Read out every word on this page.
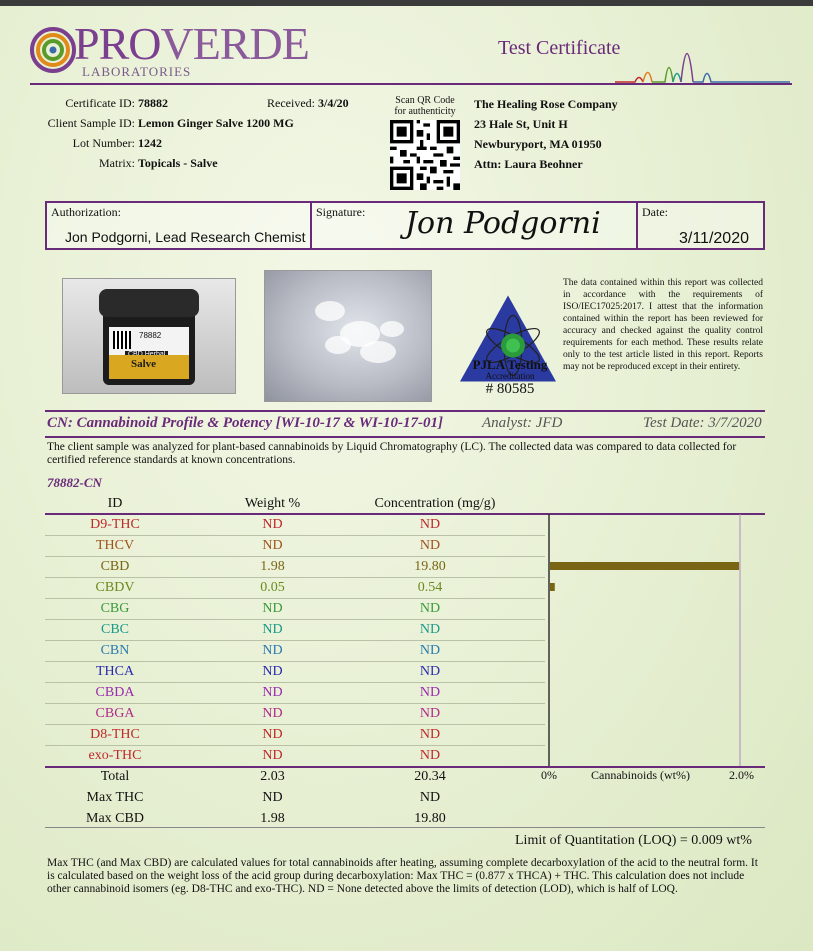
PROVERDE
LABORATORIES
Test Certificate
Certificate ID: 78882	Received: 3/4/20
Client Sample ID: Lemon Ginger Salve 1200 MG
Lot Number: 1242
Matrix: Topicals - Salve
Scan QR Code
for authenticity
The Healing Rose Company
23 Hale St, Unit H
Newburyport, MA 01950
Attn: Laura Beohner
Authorization:
Jon Podgorni, Lead Research Chemist
Signature: Jon Podgorni	Date:
3/11/2020
78882
Salve	PJLA Testing
Accreditation
# 80585
The data contained within this report was collected in accordance with the requirements of ISO/IEC17025:2017. I attest that the information contained within the report has been reviewed for accuracy and checked against the quality control requirements for each method. These results relate only to the test article listed in this report. Reports may not be reproduced except in their entirety.
CN: Cannabinoid Profile & Potency [WI-10-17 & WI-10-17-01]	Analyst: JFD	Test Date: 3/7/2020
The client sample was analyzed for plant-based cannabinoids by Liquid Chromatography (LC). The collected data was compared to data collected for certified reference standards at known concentrations.
78882-CN
ID	Weight %	Concentration (mg/g)
D9-THC	ND	ND
THCV	ND	ND
CBD	1.98	19.80
CBDV	0.05	0.54
CBG	ND	ND
CBC	ND	ND
CBN	ND	ND
THCA	ND	ND
CBDA	ND	ND
CBGA	ND	ND
D8-THC	ND	ND
exo-THC	ND	ND
Total	2.03	20.34
Max THC	ND	ND
Max CBD	1.98	19.80
0%	Cannabinoids (wt%)	2.0%
Limit of Quantitation (LOQ) = 0.009 wt%
Max THC (and Max CBD) are calculated values for total cannabinoids after heating, assuming complete decarboxylation of the acid to the neutral form. It is calculated based on the weight loss of the acid group during decarboxylation: Max THC = (0.877 x THCA) + THC. This calculation does not include other cannabinoid isomers (eg. D8-THC and exo-THC). ND = None detected above the limits of detection (LOD), which is half of LOQ.
